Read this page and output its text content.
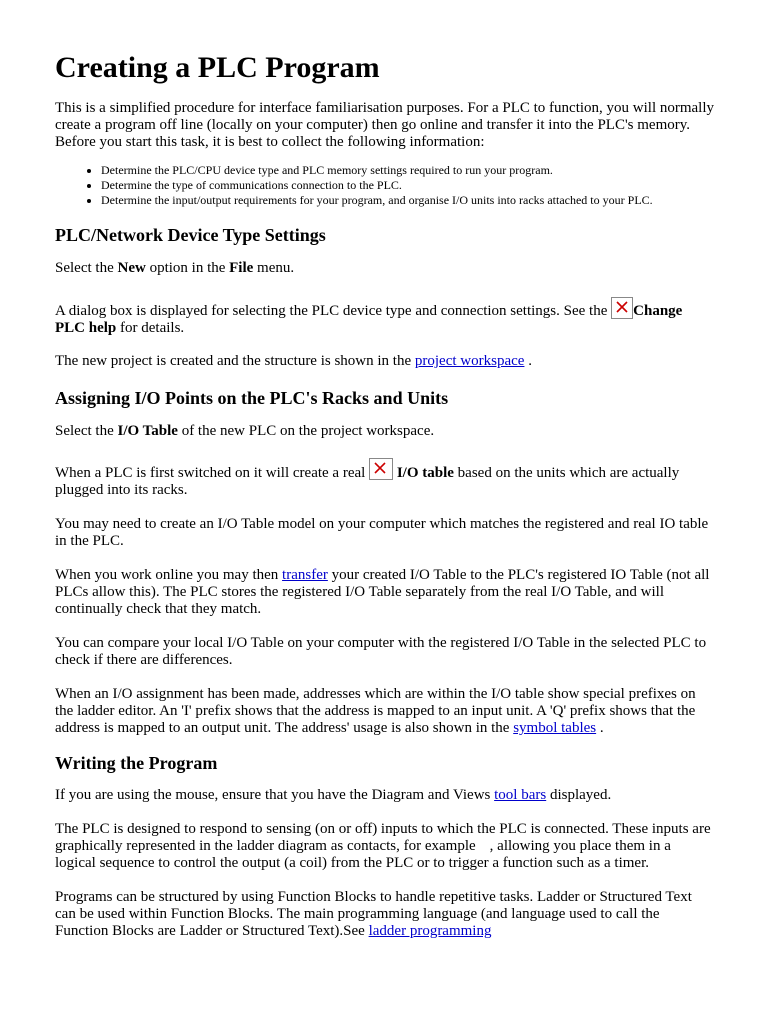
Creating a PLC Program

This is a simplified procedure for interface familiarisation purposes. For a PLC to function, you will normally create a program off line (locally on your computer) then go online and transfer it into the PLC's memory. Before you start this task, it is best to collect the following information:

• Determine the PLC/CPU device type and PLC memory settings required to run your program.
• Determine the type of communications connection to the PLC.
• Determine the input/output requirements for your program, and organise I/O units into racks attached to your PLC.
PLC/Network Device Type Settings

Select the New option in the File menu.

A dialog box is displayed for selecting the PLC device type and connection settings. See the
Change PLC help for details.

The new project is created and the structure is shown in the project workspace .

Assigning I/O Points on the PLC's Racks and Units

Select the I/O Table of the new PLC on the project workspace.

When a PLC is first switched on it will create a real
I/O table based on the units which are actually plugged into its racks.

You may need to create an I/O Table model on your computer which matches the registered and real IO table in the PLC.

When you work online you may then transfer your created I/O Table to the PLC's registered IO Table (not all PLCs allow this). The PLC stores the registered I/O Table separately from the real I/O Table, and will continually check that they match.

You can compare your local I/O Table on your computer with the registered I/O Table in the selected PLC to check if there are differences.

When an I/O assignment has been made, addresses which are within the I/O table show special prefixes on the ladder editor. An 'I' prefix shows that the address is mapped to an input unit. A 'Q' prefix shows that the address is mapped to an output unit. The address' usage is also shown in the symbol tables .

Writing the Program

If you are using the mouse, ensure that you have the Diagram and Views tool bars displayed.

The PLC is designed to respond to sensing (on or off) inputs to which the PLC is connected. These inputs are graphically represented in the ladder diagram as contacts, for example , allowing you place them in a logical sequence to control the output (a coil) from the PLC or to trigger a function such as a timer.

Programs can be structured by using Function Blocks to handle repetitive tasks. Ladder or Structured Text can be used within Function Blocks. The main programming language (and language used to call the Function Blocks are Ladder or Structured Text).See ladder programming
